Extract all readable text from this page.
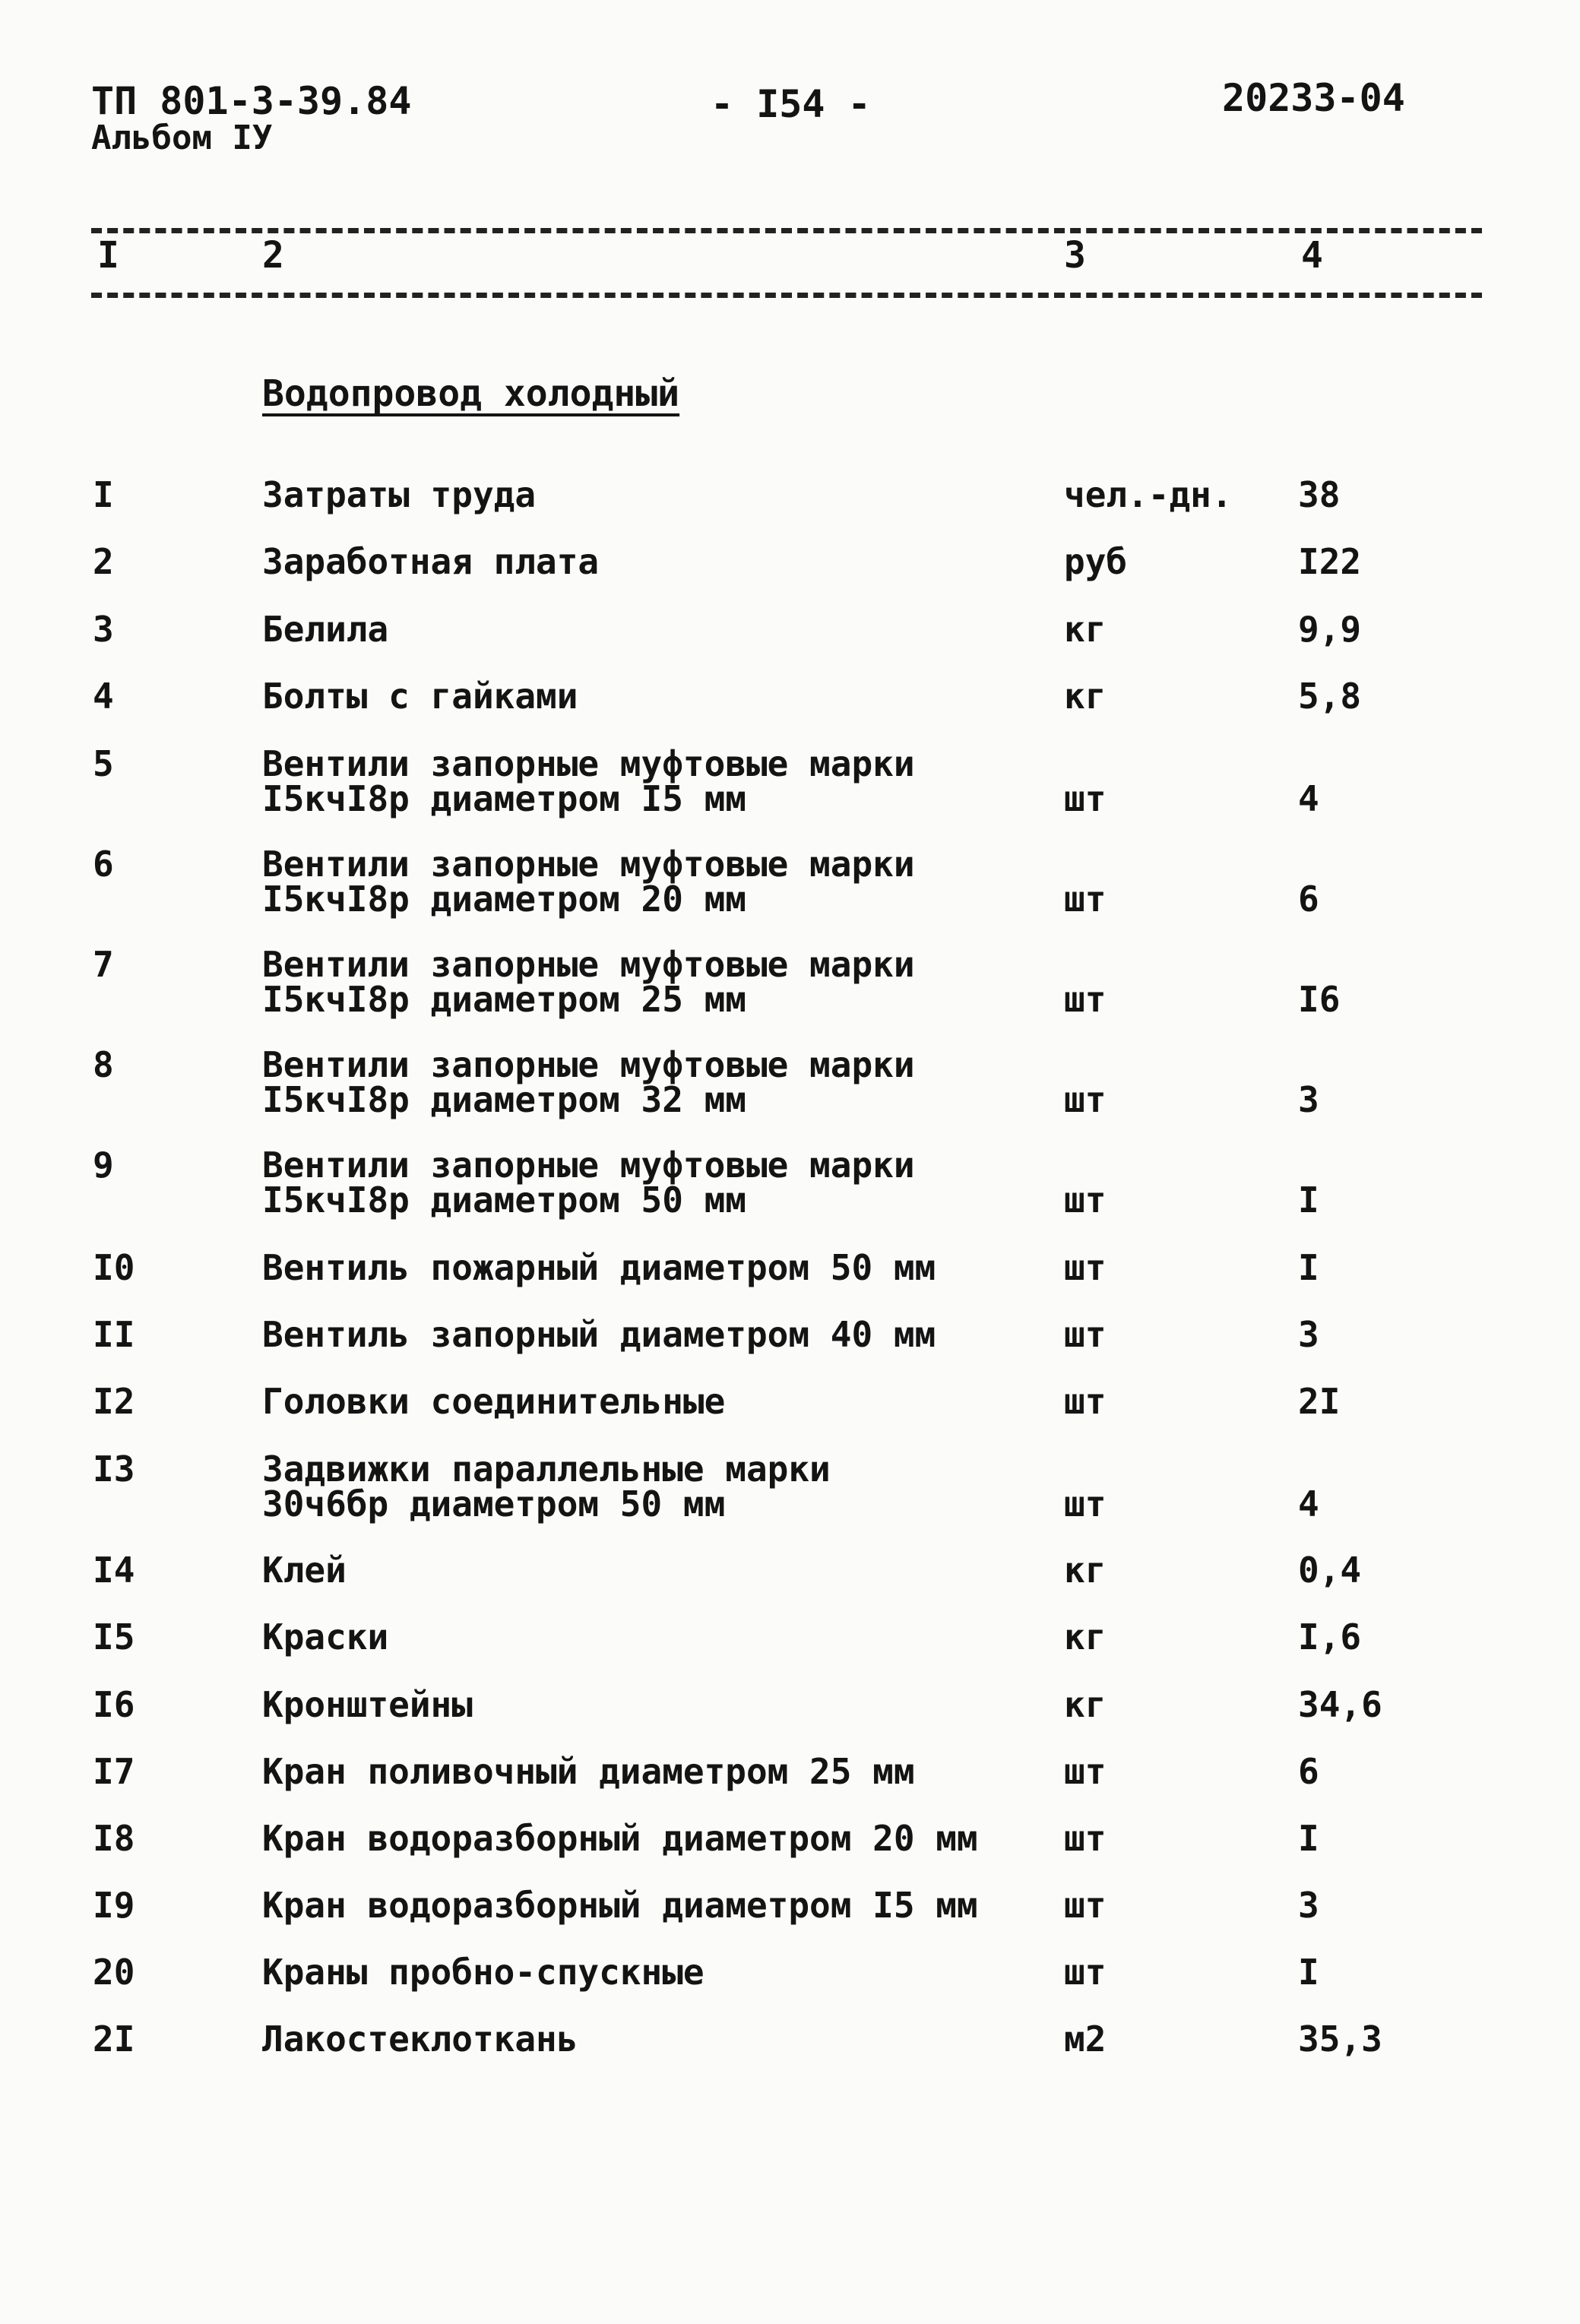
ТП 801-3-39.84
Альбом IУ
- I54 -	20233-04
I	2	3	4
Водопровод холодный
I	Затраты труда	чел.-дн. 38
2	Заработная плата	руб	I22
3	Белила	кг	9,9
4	Болты с гайками	кг	5,8
5	Вентили запорные муфтовые марки
I5кчI8р диаметром I5 мм	шт	4
6	Вентили запорные муфтовые марки
I5кчI8р диаметром 20 мм	шт	6
7	Вентили запорные муфтовые марки
I5кчI8р диаметром 25 мм	шт	I6
8	Вентили запорные муфтовые марки
I5кчI8р диаметром 32 мм	шт	3
9	Вентили запорные муфтовые марки
I5кчI8р диаметром 50 мм	шт	I
I0	Вентиль пожарный диаметром 50 мм	шт	I
II	Вентиль запорный диаметром 40 мм	шт	3
I2	Головки соединительные	шт	2I
I3	Задвижки параллельные марки
30ч6бр диаметром 50 мм	шт	4
I4	Клей	кг	0,4
I5	Краски	кг	I,6
I6	Кронштейны	кг	34,6
I7	Кран поливочный диаметром 25 мм	шт	6
I8	Кран водоразборный диаметром 20 мм	шт	I
I9	Кран водоразборный диаметром I5 мм	шт	3
20	Краны пробно-спускные	шт	I
2I	Лакостеклоткань	м2	35,3
